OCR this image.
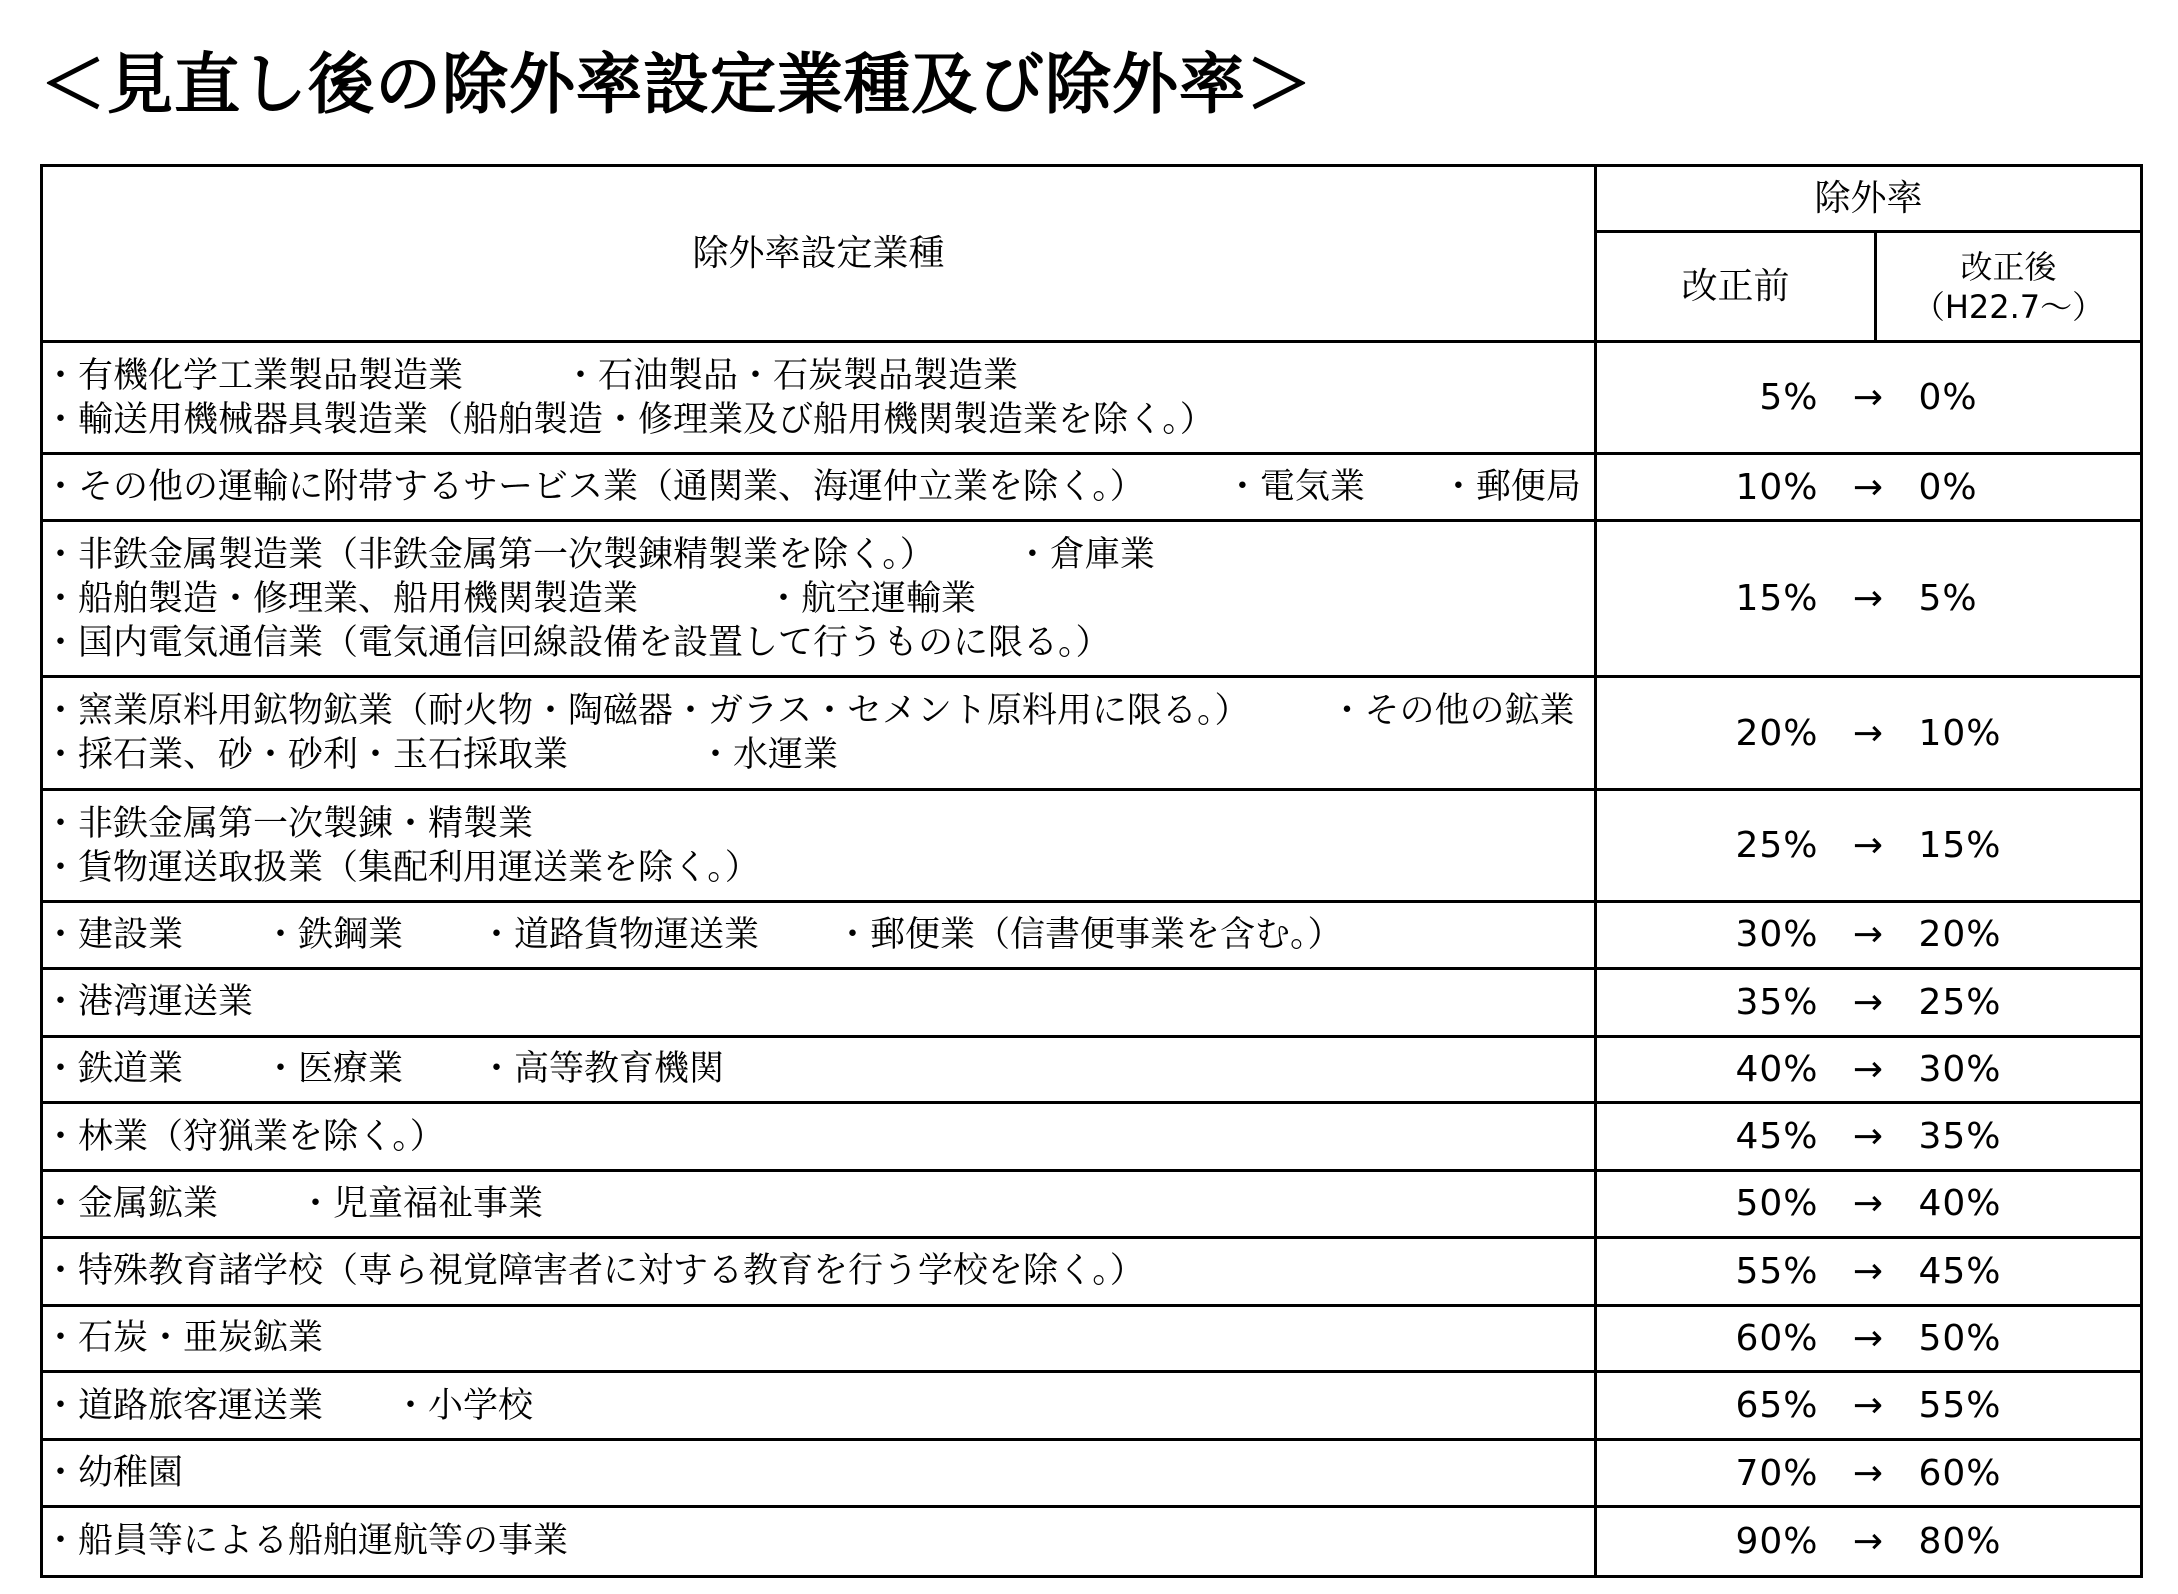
＜見直し後の除外率設定業種及び除外率＞
除外率設定業種	除外率	
	改正前	改正後
（H22.7～）

・有機化学工業製品製造業 ・石油製品・石炭製品製造業
・輸送用機械器具製造業（船舶製造・修理業及び船用機関製造業を除く。）	5% → 0%	

・その他の運輸に附帯するサービス業（通関業、海運仲立業を除く。） ・電気業 ・郵便局	10% → 0%	

・非鉄金属製造業（非鉄金属第一次製錬精製業を除く。） ・倉庫業
・船舶製造・修理業、船用機関製造業 ・航空運輸業
・国内電気通信業（電気通信回線設備を設置して行うものに限る。）	15% → 5%	

・窯業原料用鉱物鉱業（耐火物・陶磁器・ガラス・セメント原料用に限る。） ・その他の鉱業
・採石業、砂・砂利・玉石採取業 ・水運業	20% → 10%	

・非鉄金属第一次製錬・精製業
・貨物運送取扱業（集配利用運送業を除く。）	25% → 15%	

・建設業 ・鉄鋼業 ・道路貨物運送業 ・郵便業（信書便事業を含む。）	30% → 20%	

・港湾運送業	35% → 25%	

・鉄道業 ・医療業 ・高等教育機関	40% → 30%	

・林業（狩猟業を除く。）	45% → 35%	

・金属鉱業 ・児童福祉事業	50% → 40%	

・特殊教育諸学校（専ら視覚障害者に対する教育を行う学校を除く。）	55% → 45%	

・石炭・亜炭鉱業	60% → 50%	

・道路旅客運送業 ・小学校	65% → 55%	

・幼稚園	70% → 60%	

・船員等による船舶運航等の事業	90% → 80%	
